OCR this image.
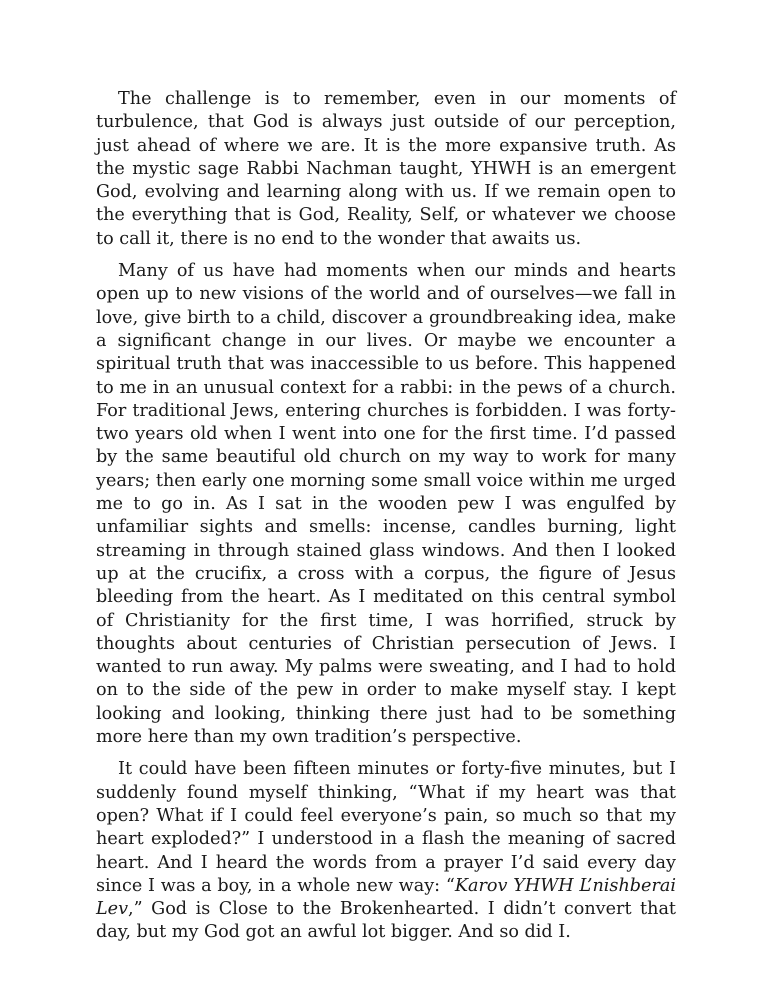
The challenge is to remember, even in our moments of turbulence, that God is always just outside of our perception, just ahead of where we are. It is the more expansive truth. As the mystic sage Rabbi Nachman taught, YHWH is an emergent God, evolving and learning along with us. If we remain open to the everything that is God, Reality, Self, or whatever we choose to call it, there is no end to the wonder that awaits us.

Many of us have had moments when our minds and hearts open up to new visions of the world and of ourselves—we fall in love, give birth to a child, discover a groundbreaking idea, make a significant change in our lives. Or maybe we encounter a spiritual truth that was inaccessible to us before. This happened to me in an unusual context for a rabbi: in the pews of a church. For traditional Jews, entering churches is forbidden. I was forty-two years old when I went into one for the first time. I’d passed by the same beautiful old church on my way to work for many years; then early one morning some small voice within me urged me to go in. As I sat in the wooden pew I was engulfed by unfamiliar sights and smells: incense, candles burning, light streaming in through stained glass windows. And then I looked up at the crucifix, a cross with a corpus, the figure of Jesus bleeding from the heart. As I meditated on this central symbol of Christianity for the first time, I was horrified, struck by thoughts about centuries of Christian persecution of Jews. I wanted to run away. My palms were sweating, and I had to hold on to the side of the pew in order to make myself stay. I kept looking and looking, thinking there just had to be something more here than my own tradition’s perspective.

It could have been fifteen minutes or forty-five minutes, but I suddenly found myself thinking, “What if my heart was that open? What if I could feel everyone’s pain, so much so that my heart exploded?” I understood in a flash the meaning of sacred heart. And I heard the words from a prayer I’d said every day since I was a boy, in a whole new way: “Karov YHWH L’nishberai Lev,” God is Close to the Brokenhearted. I didn’t convert that day, but my God got an awful lot bigger. And so did I.
